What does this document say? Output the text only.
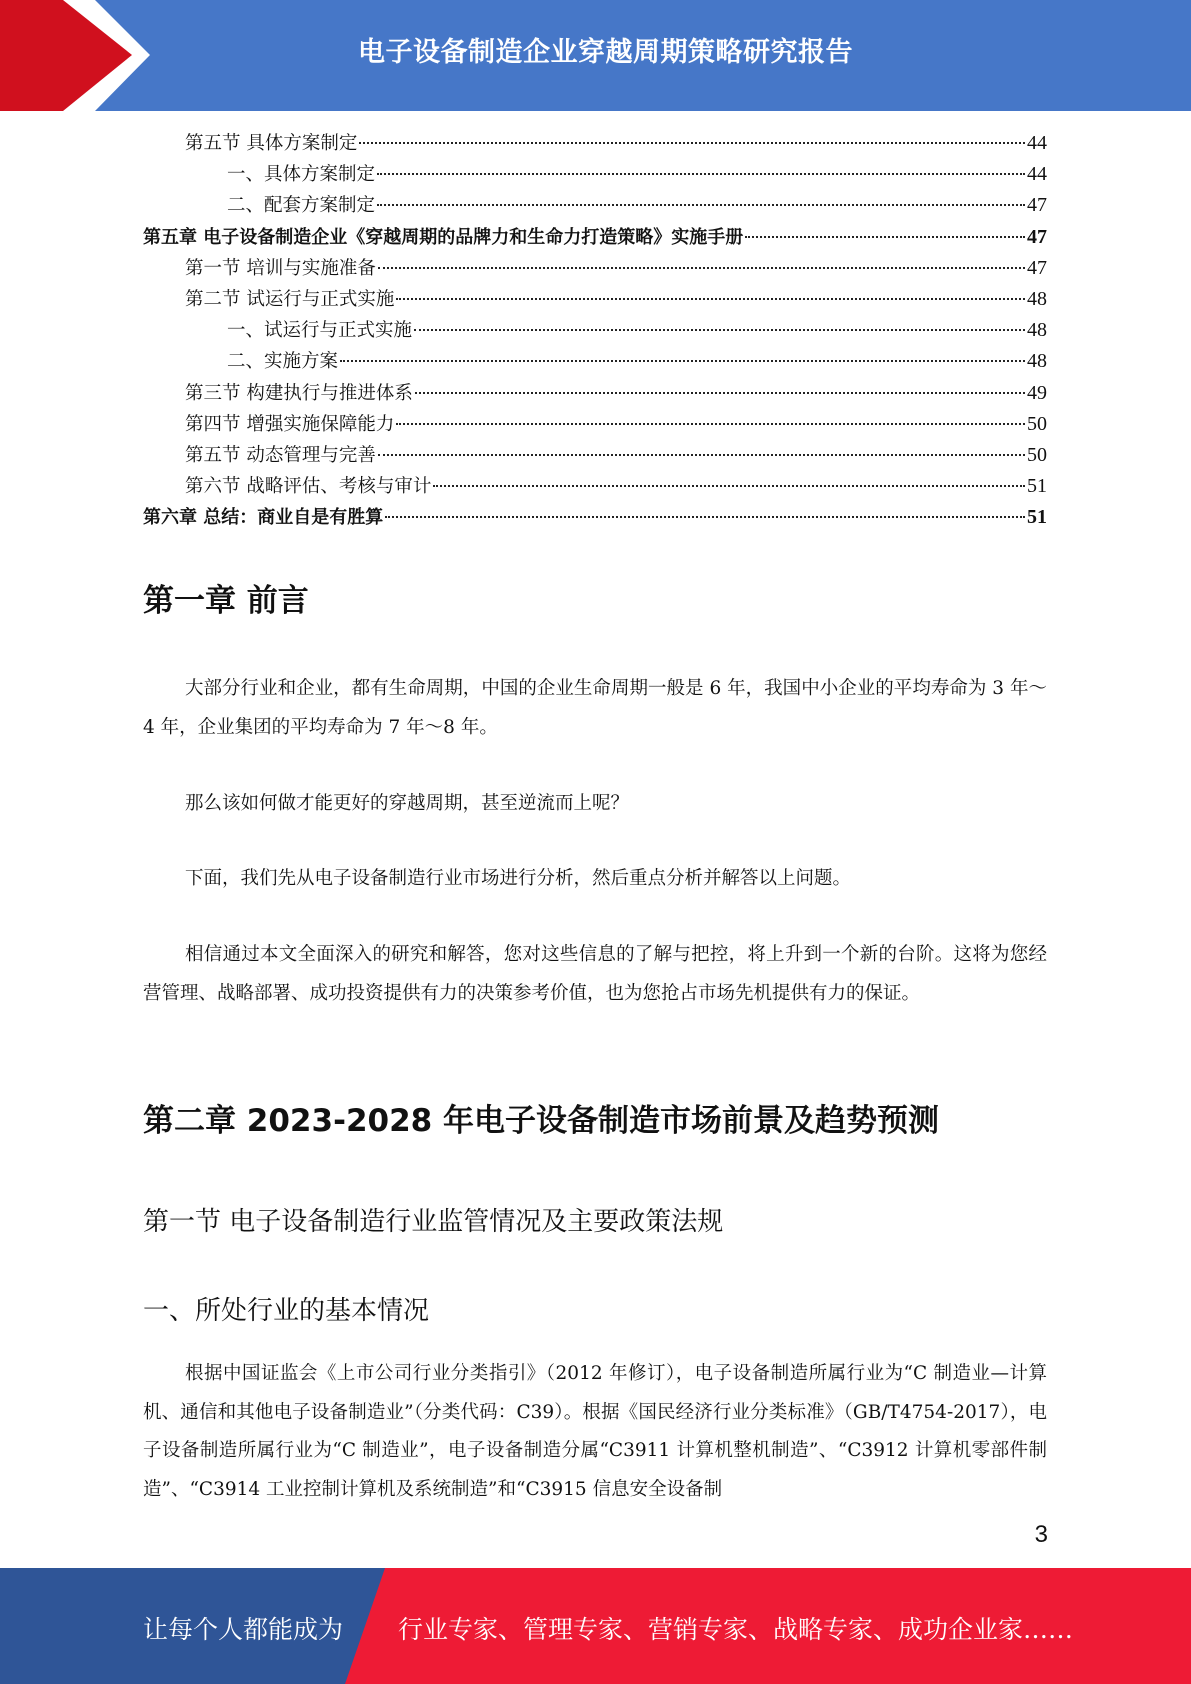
电子设备制造企业穿越周期策略研究报告
第五节 具体方案制定	44
一、具体方案制定	44
二、配套方案制定	47
第五章 电子设备制造企业《穿越周期的品牌力和生命力打造策略》实施手册	47
第一节 培训与实施准备	47
第二节 试运行与正式实施	48
一、试运行与正式实施	48
二、实施方案	48
第三节 构建执行与推进体系	49
第四节 增强实施保障能力	50
第五节 动态管理与完善	50
第六节 战略评估、考核与审计	51
第六章 总结：商业自是有胜算	51
第一章 前言

大部分行业和企业，都有生命周期，中国的企业生命周期一般是 6 年，我国中小企业的平均寿命为 3 年～4 年，企业集团的平均寿命为 7 年～8 年。

那么该如何做才能更好的穿越周期，甚至逆流而上呢？

下面，我们先从电子设备制造行业市场进行分析，然后重点分析并解答以上问题。

相信通过本文全面深入的研究和解答，您对这些信息的了解与把控，将上升到一个新的台阶。这将为您经营管理、战略部署、成功投资提供有力的决策参考价值，也为您抢占市场先机提供有力的保证。

第二章 2023-2028 年电子设备制造市场前景及趋势预测
第一节 电子设备制造行业监管情况及主要政策法规
一、所处行业的基本情况

根据中国证监会《上市公司行业分类指引》（2012 年修订），电子设备制造所属行业为“C 制造业—计算机、通信和其他电子设备制造业”（分类代码：C39）。根据《国民经济行业分类标准》（GB/T4754-2017），电子设备制造所属行业为“C 制造业”，电子设备制造分属“C3911 计算机整机制造”、“C3912 计算机零部件制造”、“C3914 工业控制计算机及系统制造”和“C3915 信息安全设备制

3
让每个人都能成为 行业专家、管理专家、营销专家、战略专家、成功企业家……
